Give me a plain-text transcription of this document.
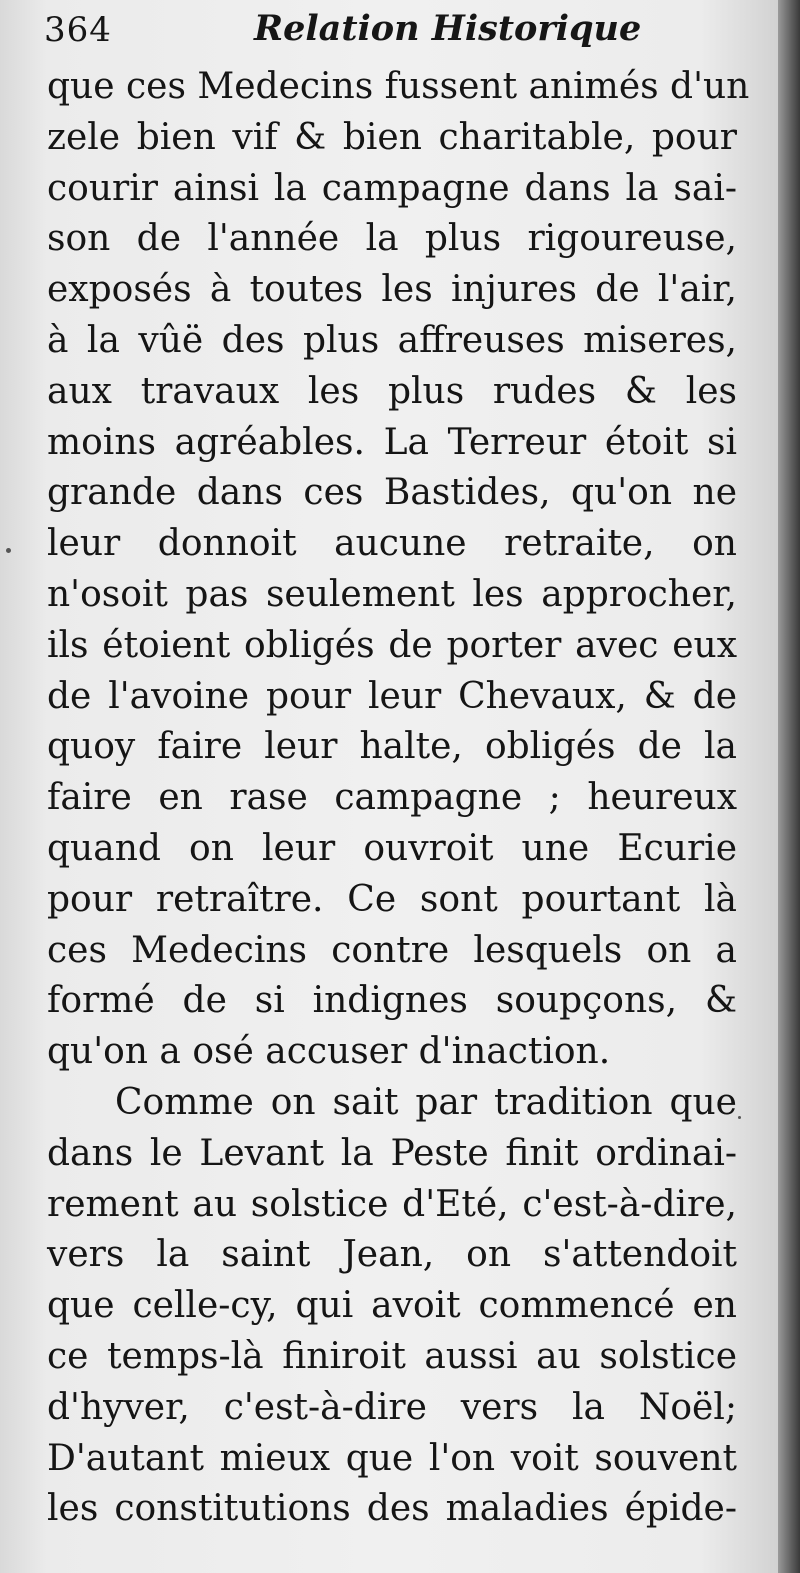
364	Relation Historique
que ces Medecins fussent animés d'un
zele bien vif & bien charitable, pour
courir ainsi la campagne dans la sai-
son de l'année la plus rigoureuse,
exposés à toutes les injures de l'air,
à la vûë des plus affreuses miseres,
aux travaux les plus rudes & les
moins agréables. La Terreur étoit si
grande dans ces Bastides, qu'on ne
leur donnoit aucune retraite, on
n'osoit pas seulement les approcher,
ils étoient obligés de porter avec eux
de l'avoine pour leur Chevaux, & de
quoy faire leur halte, obligés de la
faire en rase campagne ; heureux
quand on leur ouvroit une Ecurie
pour retraître. Ce sont pourtant là
ces Medecins contre lesquels on a
formé de si indignes soupçons, &
qu'on a osé accuser d'inaction.
Comme on sait par tradition que
dans le Levant la Peste finit ordinai-
rement au solstice d'Eté, c'est-à-dire,
vers la saint Jean, on s'attendoit
que celle-cy, qui avoit commencé en
ce temps-là finiroit aussi au solstice
d'hyver, c'est-à-dire vers la Noël;
D'autant mieux que l'on voit souvent
les constitutions des maladies épide-
